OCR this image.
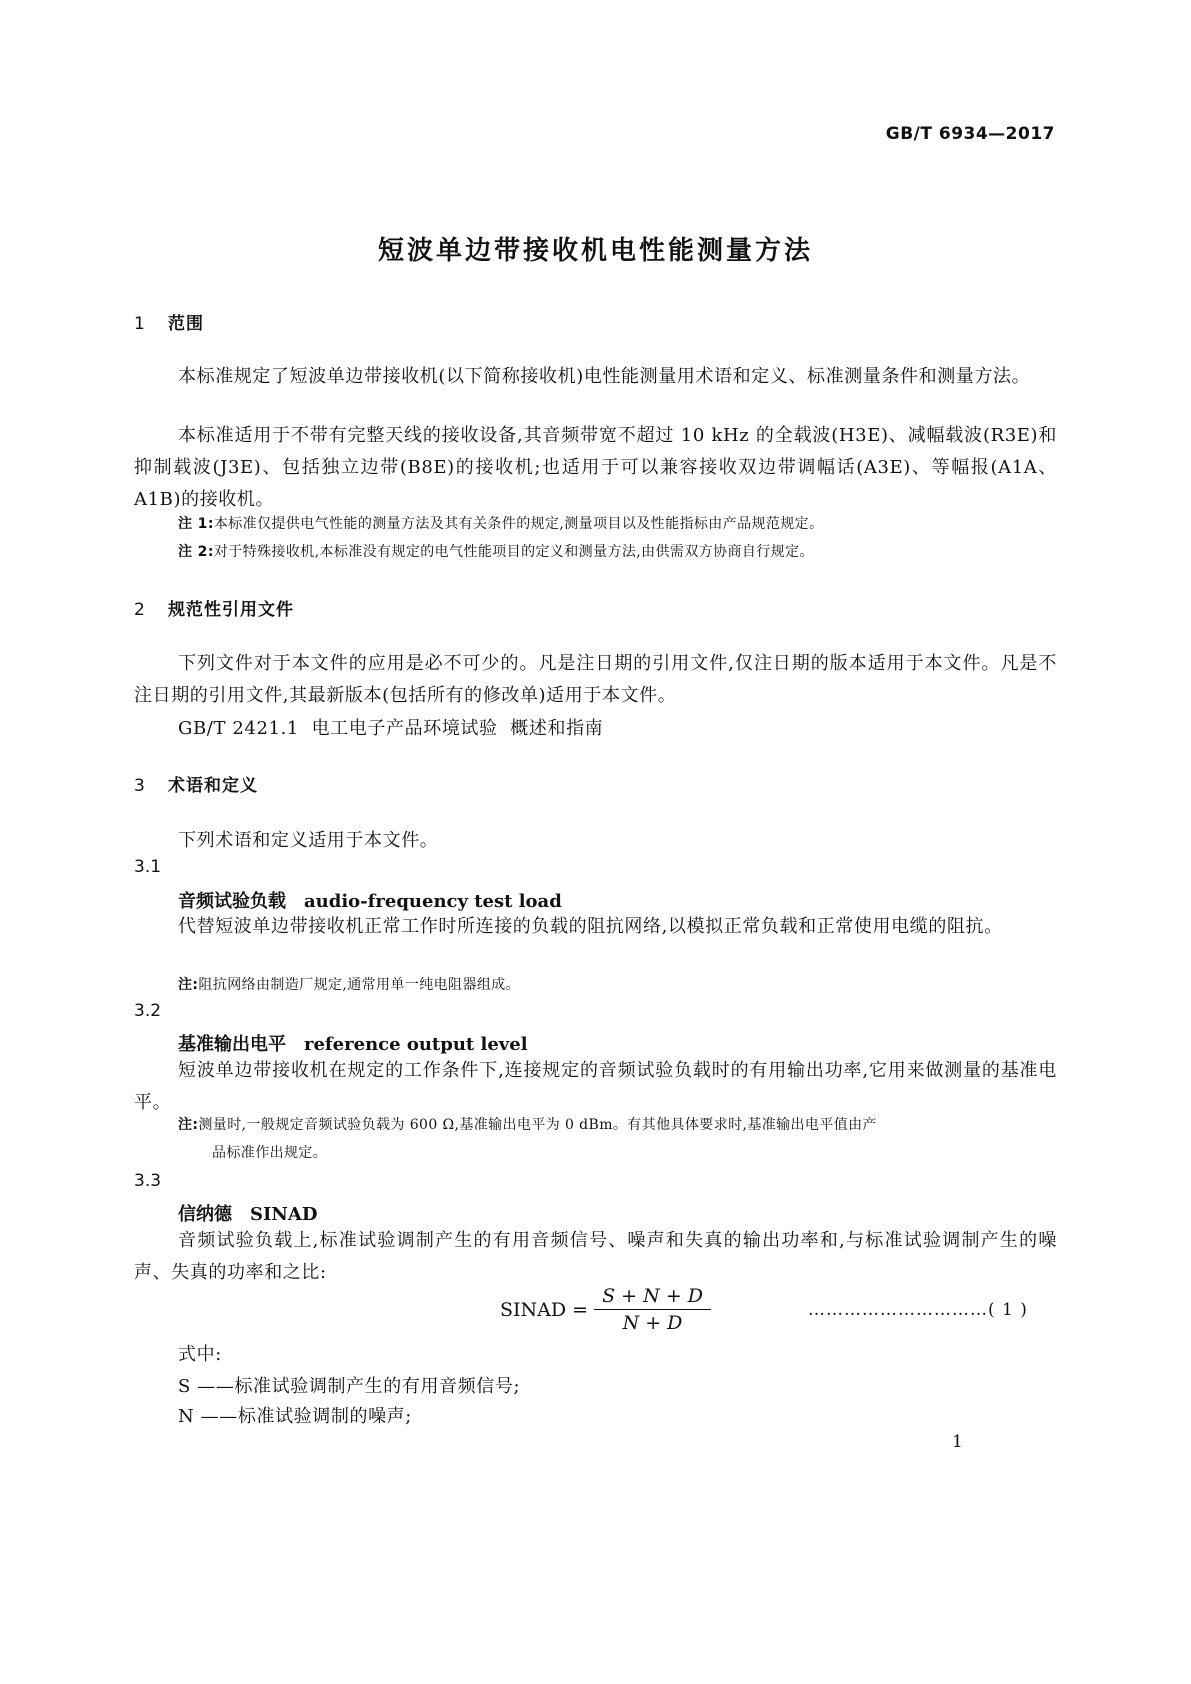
GB/T 6934—2017
短波单边带接收机电性能测量方法
1 范围
本标准规定了短波单边带接收机(以下简称接收机)电性能测量用术语和定义、标准测量条件和测量方法。
本标准适用于不带有完整天线的接收设备,其音频带宽不超过 10 kHz 的全载波(H3E)、减幅载波(R3E)和抑制载波(J3E)、包括独立边带(B8E)的接收机;也适用于可以兼容接收双边带调幅话(A3E)、等幅报(A1A、A1B)的接收机。
注 1:本标准仅提供电气性能的测量方法及其有关条件的规定,测量项目以及性能指标由产品规范规定。
注 2:对于特殊接收机,本标准没有规定的电气性能项目的定义和测量方法,由供需双方协商自行规定。
2 规范性引用文件
下列文件对于本文件的应用是必不可少的。凡是注日期的引用文件,仅注日期的版本适用于本文件。凡是不注日期的引用文件,其最新版本(包括所有的修改单)适用于本文件。
GB/T 2421.1  电工电子产品环境试验  概述和指南
3 术语和定义
下列术语和定义适用于本文件。
3.1
音频试验负载 audio-frequency test load
代替短波单边带接收机正常工作时所连接的负载的阻抗网络,以模拟正常负载和正常使用电缆的阻抗。
注:阻抗网络由制造厂规定,通常用单一纯电阻器组成。
3.2
基准输出电平 reference output level
短波单边带接收机在规定的工作条件下,连接规定的音频试验负载时的有用输出功率,它用来做测量的基准电平。
注:测量时,一般规定音频试验负载为 600 Ω,基准输出电平为 0 dBm。有其他具体要求时,基准输出电平值由产
品标准作出规定。
3.3
信纳德 SINAD
音频试验负载上,标准试验调制产生的有用音频信号、噪声和失真的输出功率和,与标准试验调制产生的噪声、失真的功率和之比:
SINAD = $\frac{S + N + D}{N + D}$	…………………………( 1 )
式中:
S ——标准试验调制产生的有用音频信号;
N ——标准试验调制的噪声;
1
